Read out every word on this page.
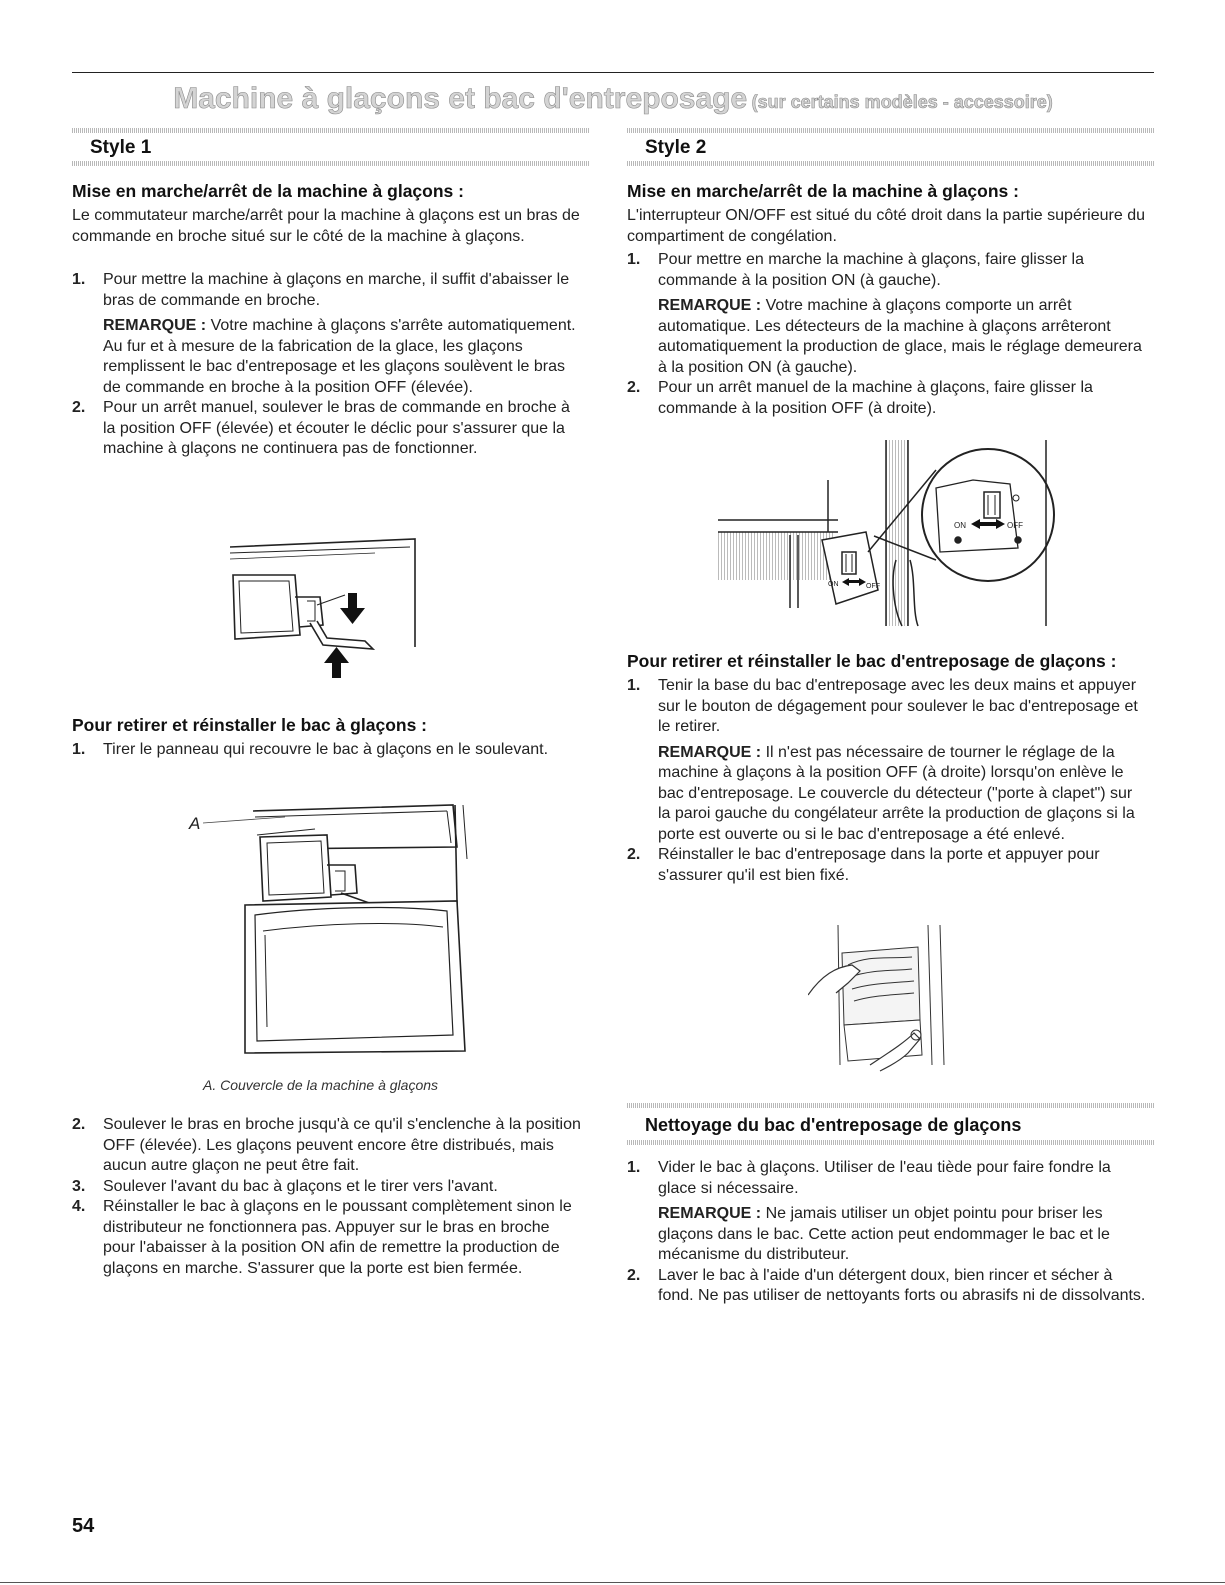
Machine à glaçons et bac d'entreposage (sur certains modèles - accessoire)
Style 1
Mise en marche/arrêt de la machine à glaçons :

Le commutateur marche/arrêt pour la machine à glaçons est un bras de commande en broche situé sur le côté de la machine à glaçons.

1. Pour mettre la machine à glaçons en marche, il suffit d'abaisser le bras de commande en broche.
REMARQUE : Votre machine à glaçons s'arrête automatiquement. Au fur et à mesure de la fabrication de la glace, les glaçons remplissent le bac d'entreposage et les glaçons soulèvent le bras de commande en broche à la position OFF (élevée).
2. Pour un arrêt manuel, soulever le bras de commande en broche à la position OFF (élevée) et écouter le déclic pour s'assurer que la machine à glaçons ne continuera pas de fonctionner.
Pour retirer et réinstaller le bac à glaçons :
1. Tirer le panneau qui recouvre le bac à glaçons en le soulevant.
A
A. Couvercle de la machine à glaçons
2. Soulever le bras en broche jusqu'à ce qu'il s'enclenche à la position OFF (élevée). Les glaçons peuvent encore être distribués, mais aucun autre glaçon ne peut être fait.
3. Soulever l'avant du bac à glaçons et le tirer vers l'avant.
4. Réinstaller le bac à glaçons en le poussant complètement sinon le distributeur ne fonctionnera pas. Appuyer sur le bras en broche pour l'abaisser à la position ON afin de remettre la production de glaçons en marche. S'assurer que la porte est bien fermée.
Style 2
Mise en marche/arrêt de la machine à glaçons :

L'interrupteur ON/OFF est situé du côté droit dans la partie supérieure du compartiment de congélation.

1. Pour mettre en marche la machine à glaçons, faire glisser la commande à la position ON (à gauche).
REMARQUE : Votre machine à glaçons comporte un arrêt automatique. Les détecteurs de la machine à glaçons arrêteront automatiquement la production de glace, mais le réglage demeurera à la position ON (à gauche).
2. Pour un arrêt manuel de la machine à glaçons, faire glisser la commande à la position OFF (à droite).
ON	OFF
ON	OFF
Pour retirer et réinstaller le bac d'entreposage de glaçons :
1. Tenir la base du bac d'entreposage avec les deux mains et appuyer sur le bouton de dégagement pour soulever le bac d'entreposage et le retirer.
REMARQUE : Il n'est pas nécessaire de tourner le réglage de la machine à glaçons à la position OFF (à droite) lorsqu'on enlève le bac d'entreposage. Le couvercle du détecteur ("porte à clapet") sur la paroi gauche du congélateur arrête la production de glaçons si la porte est ouverte ou si le bac d'entreposage a été enlevé.
2. Réinstaller le bac d'entreposage dans la porte et appuyer pour s'assurer qu'il est bien fixé.
Nettoyage du bac d'entreposage de glaçons
1. Vider le bac à glaçons. Utiliser de l'eau tiède pour faire fondre la glace si nécessaire.
REMARQUE : Ne jamais utiliser un objet pointu pour briser les glaçons dans le bac. Cette action peut endommager le bac et le mécanisme du distributeur.
2. Laver le bac à l'aide d'un détergent doux, bien rincer et sécher à fond. Ne pas utiliser de nettoyants forts ou abrasifs ni de dissolvants.
54
